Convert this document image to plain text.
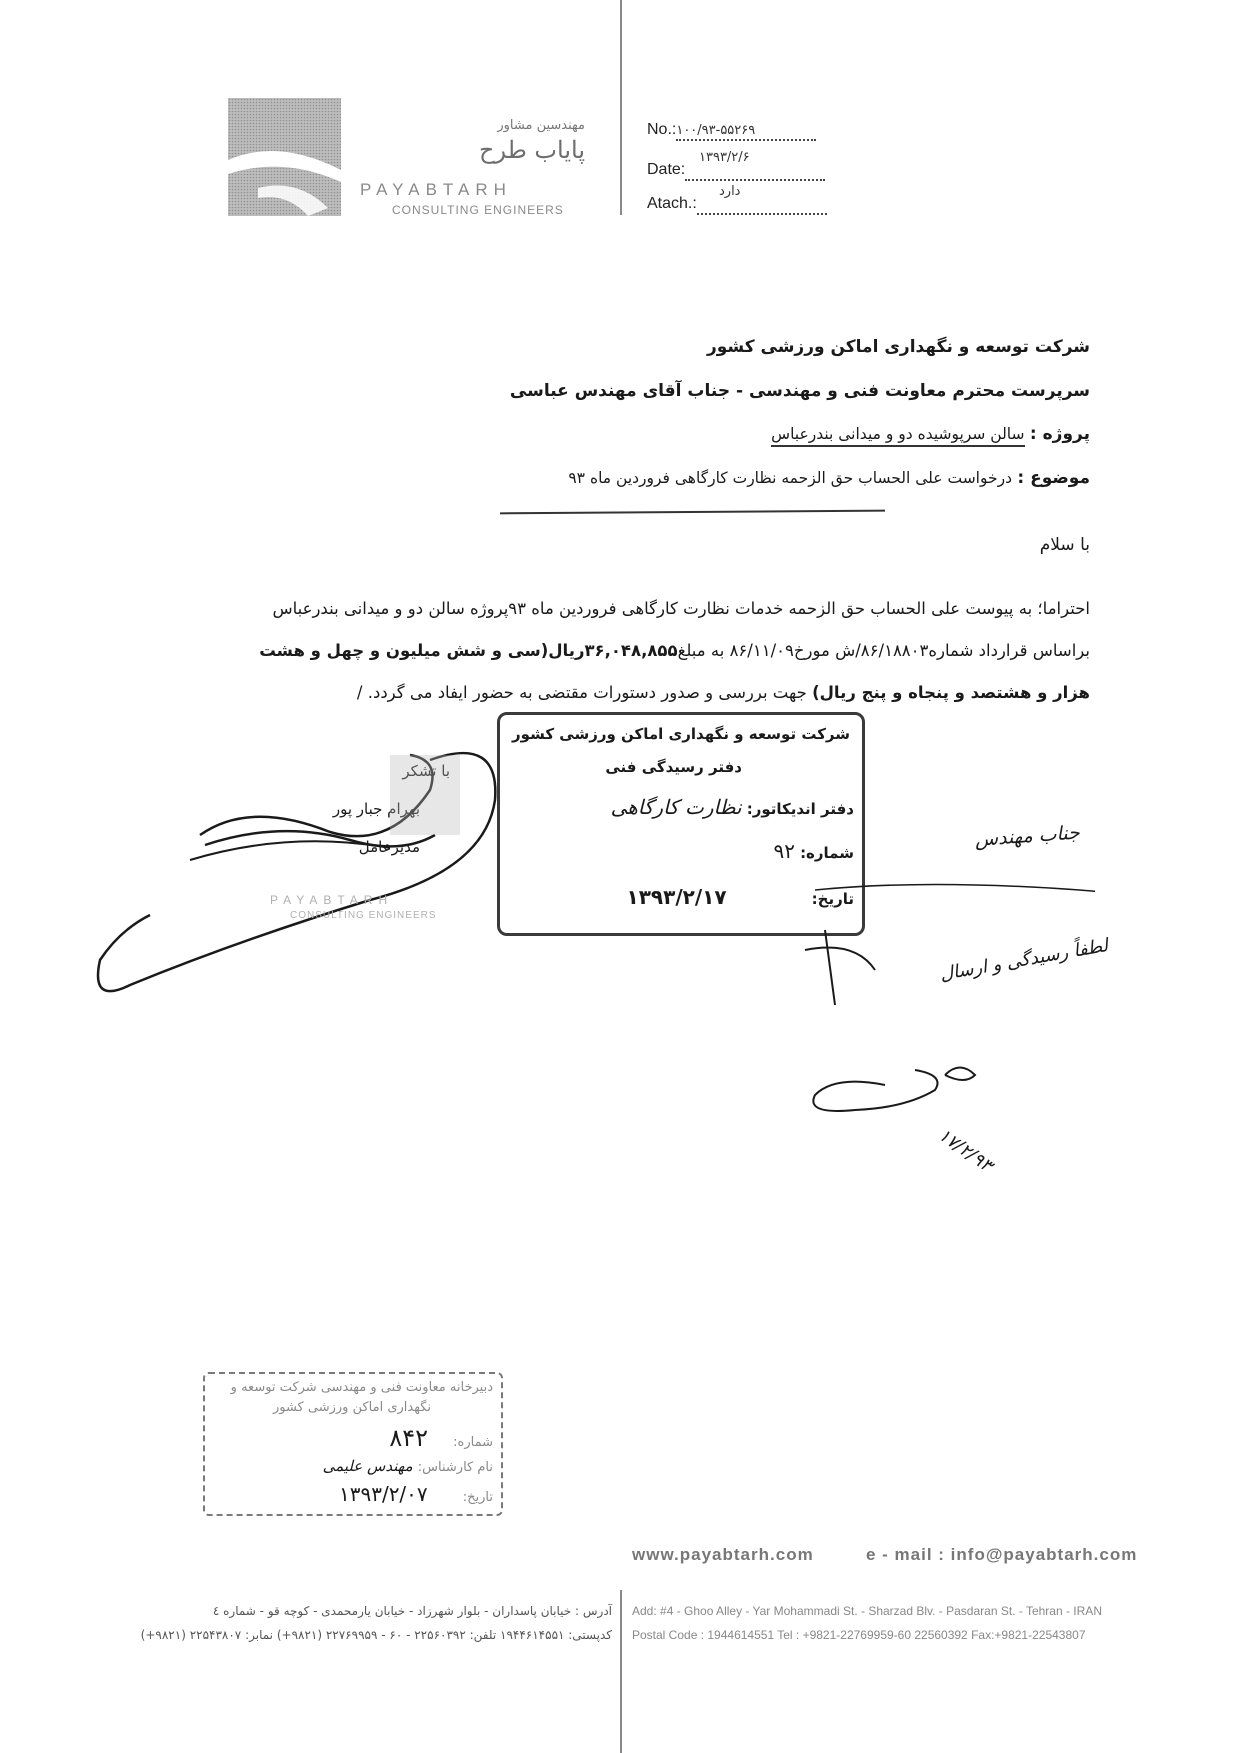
مهندسین مشاور
پایاب طرح
PAYABTARH
CONSULTING ENGINEERS
No.:۱۰۰/۹۳-۵۵۲۶۹
۱۳۹۳/۲/۶
Date:
دارد
Atach.:
شرکت توسعه و نگهداری اماکن ورزشی کشور
سرپرست محترم معاونت فنی و مهندسی - جناب آقای مهندس عباسی
پروژه : سالن سرپوشیده دو و میدانی بندرعباس
موضوع : درخواست علی الحساب حق الزحمه نظارت کارگاهی فروردین ماه ۹۳
با سلام
احتراما؛ به پیوست علی الحساب حق الزحمه خدمات نظارت کارگاهی فروردین ماه ۹۳پروژه سالن دو و میدانی بندرعباس
براساس قرارداد شماره۸۶/۱۸۸۰۳/ش مورخ۸۶/۱۱/۰۹ به مبلغ۳۶,۰۴۸,۸۵۵ریال(سی و شش میلیون و چهل و هشت
هزار و هشتصد و پنجاه و پنج ریال) جهت بررسی و صدور دستورات مقتضی به حضور ایفاد می گردد. /
با تشکر
بهرام جبار پور
مدیرعامل
PAYABTARH
CONSULTING ENGINEERS
شرکت توسعه و نگهداری اماکن ورزشی کشور
دفتر رسیدگی فنی
دفتر اندیکاتور: نظارت کارگاهی
شماره: ۹۲
تاریخ: ۱۳۹۳/۲/۱۷
جناب مهندس
لطفاً رسیدگی و ارسال
۱۷/۲/۹۳
دبیرخانه معاونت فنی و مهندسی شرکت توسعه و
نگهداری اماکن ورزشی کشور
شماره: ۸۴۲
نام کارشناس: مهندس علیمی
تاریخ: ۱۳۹۳/۲/۰۷
www.payabtarh.com	e - mail : info@payabtarh.com
Add: #4 - Ghoo Alley - Yar Mohammadi St. - Sharzad Blv. - Pasdaran St. - Tehran - IRAN
Postal Code : 1944614551 Tel : +9821-22769959-60 22560392 Fax:+9821-22543807
آدرس : خیابان پاسداران - بلوار شهرزاد - خیابان یارمحمدی - کوچه قو - شماره ٤
کدپستی: ۱۹۴۴۶۱۴۵۵۱ تلفن: ۲۲۵۶۰۳۹۲ - ۶۰ - ۲۲۷۶۹۹۵۹ (۹۸۲۱+) نمابر: ۲۲۵۴۳۸۰۷ (۹۸۲۱+)
